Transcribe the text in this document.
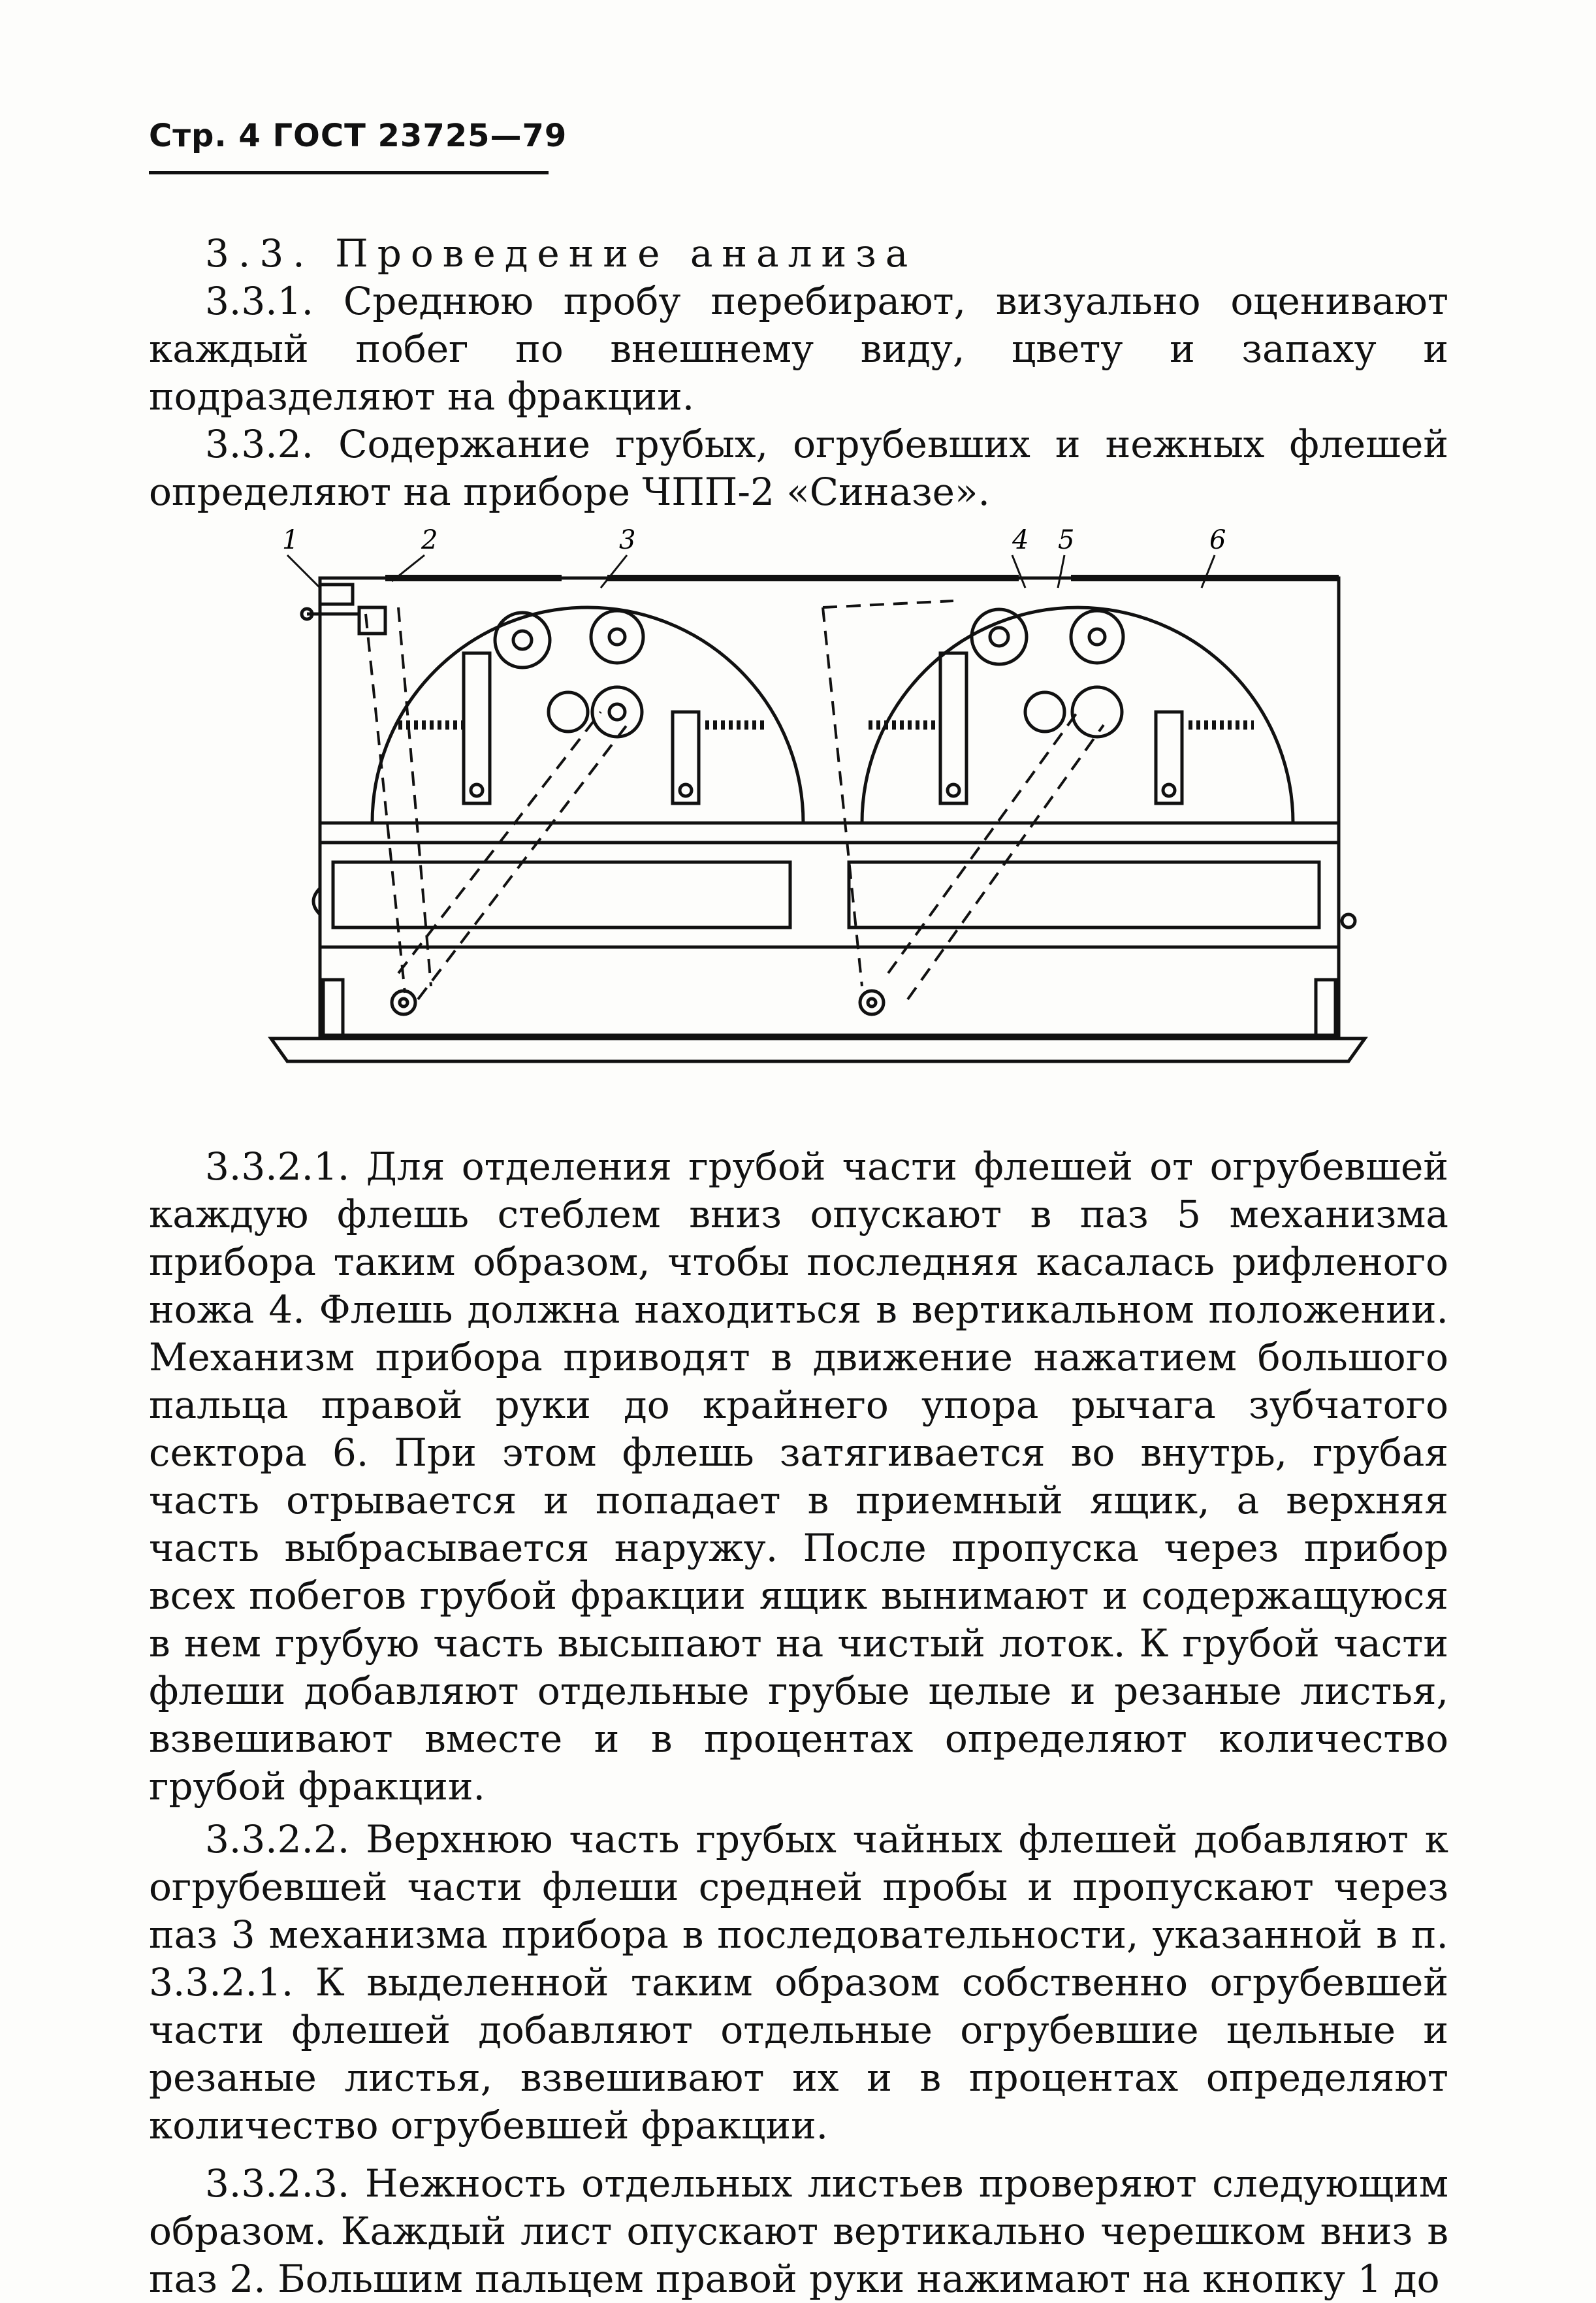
Стр. 4 ГОСТ 23725—79

3.3. Проведение анализа

3.3.1. Среднюю пробу перебирают, визуально оценивают каждый побег по внешнему виду, цвету и запаху и подразделяют на фракции.

3.3.2. Содержание грубых, огрубевших и нежных флешей определяют на приборе ЧПП-2 «Синазе».

1	2	3	4 5	6

3.3.2.1. Для отделения грубой части флешей от огрубевшей каждую флешь стеблем вниз опускают в паз 5 механизма прибора таким образом, чтобы последняя касалась рифленого ножа 4. Флешь должна находиться в вертикальном положении. Механизм прибора приводят в движение нажатием большого пальца правой руки до крайнего упора рычага зубчатого сектора 6. При этом флешь затягивается во внутрь, грубая часть отрывается и попадает в приемный ящик, а верхняя часть выбрасывается наружу. После пропуска через прибор всех побегов грубой фракции ящик вынимают и содержащуюся в нем грубую часть высыпают на чистый лоток. К грубой части флеши добавляют отдельные грубые целые и резаные листья, взвешивают вместе и в процентах определяют количество грубой фракции.

3.3.2.2. Верхнюю часть грубых чайных флешей добавляют к огрубевшей части флеши средней пробы и пропускают через паз 3 механизма прибора в последовательности, указанной в п. 3.3.2.1. К выделенной таким образом собственно огрубевшей части флешей добавляют отдельные огрубевшие цельные и резаные листья, взвешивают их и в процентах определяют количество огрубевшей фракции.

3.3.2.3. Нежность отдельных листьев проверяют следующим образом. Каждый лист опускают вертикально черешком вниз в паз 2. Большим пальцем правой руки нажимают на кнопку 1 до
